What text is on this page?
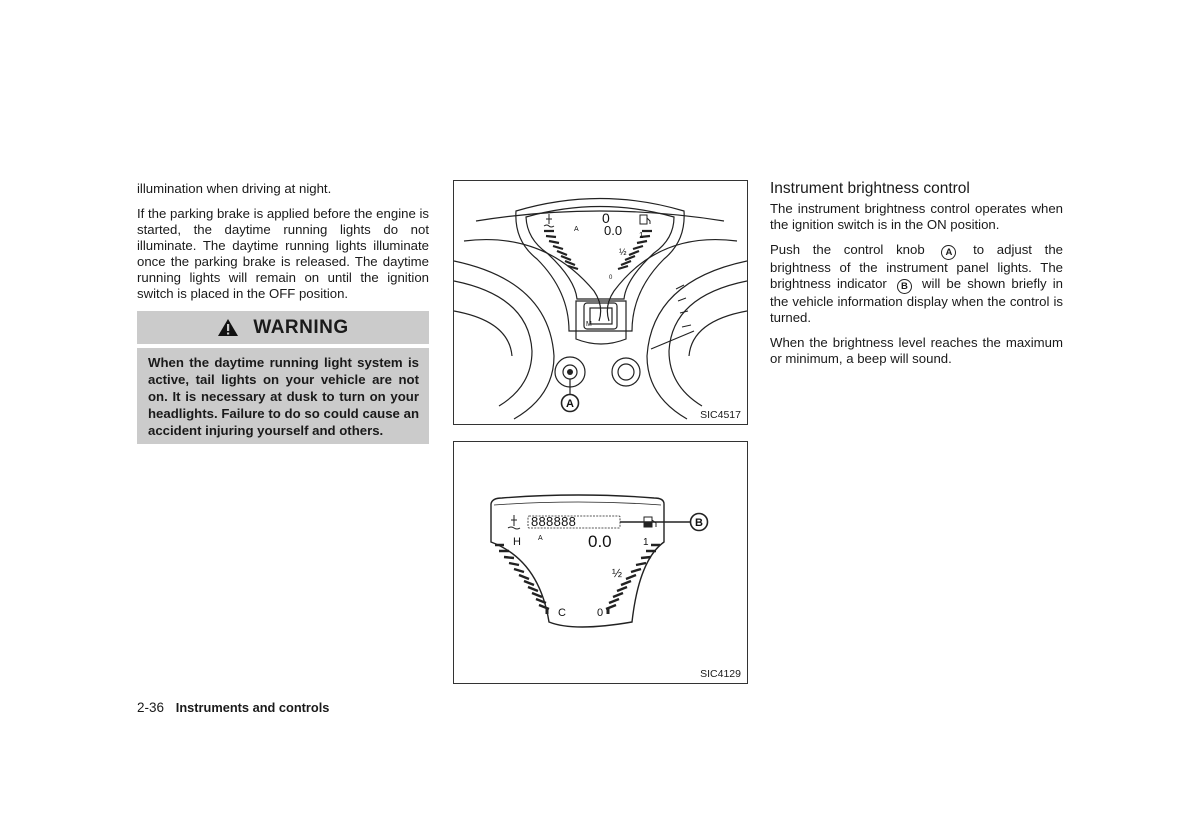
illumination when driving at night.

If the parking brake is applied before the engine is started, the daytime running lights do not illuminate. The daytime running lights illuminate once the parking brake is released. The daytime running lights will remain on until the ignition switch is placed in the OFF position.

WARNING
When the daytime running light system is active, tail lights on your vehicle are not on. It is necessary at dusk to turn on your headlights. Failure to do so could cause an accident injuring yourself and others.
0
0.0
A
1
½
0
M
A
SIC4517
888888
0.0
A
H
C
1
½
0
B
SIC4129
Instrument brightness control

The instrument brightness control operates when the ignition switch is in the ON position.

Push the control knob A to adjust the brightness of the instrument panel lights. The brightness indicator B will be shown briefly in the vehicle information display when the control is turned.

When the brightness level reaches the maximum or minimum, a beep will sound.

2-36 Instruments and controls
